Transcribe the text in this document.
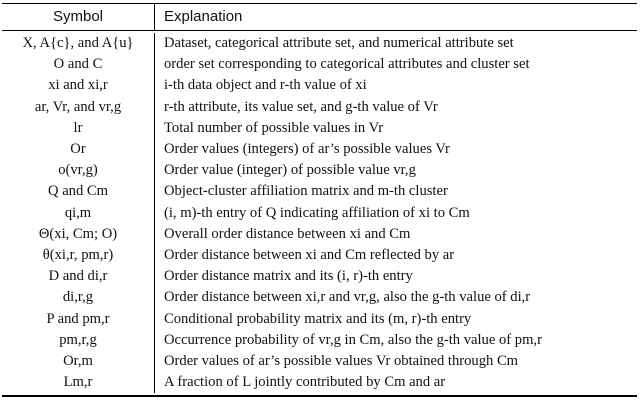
Symbol	Explanation
X, A{c}, and A{u}	Dataset, categorical attribute set, and numerical attribute set
O and C	order set corresponding to categorical attributes and cluster set
xi and xi,r	i-th data object and r-th value of xi
ar, Vr, and vr,g	r-th attribute, its value set, and g-th value of Vr
lr	Total number of possible values in Vr
Or	Order values (integers) of ar’s possible values Vr
o(vr,g)	Order value (integer) of possible value vr,g
Q and Cm	Object-cluster affiliation matrix and m-th cluster
qi,m	(i, m)-th entry of Q indicating affiliation of xi to Cm
Θ(xi, Cm; O)	Overall order distance between xi and Cm
θ(xi,r, pm,r)	Order distance between xi and Cm reflected by ar
D and di,r	Order distance matrix and its (i, r)-th entry
di,r,g	Order distance between xi,r and vr,g, also the g-th value of di,r
P and pm,r	Conditional probability matrix and its (m, r)-th entry
pm,r,g	Occurrence probability of vr,g in Cm, also the g-th value of pm,r
Or,m	Order values of ar’s possible values Vr obtained through Cm
Lm,r	A fraction of L jointly contributed by Cm and ar
